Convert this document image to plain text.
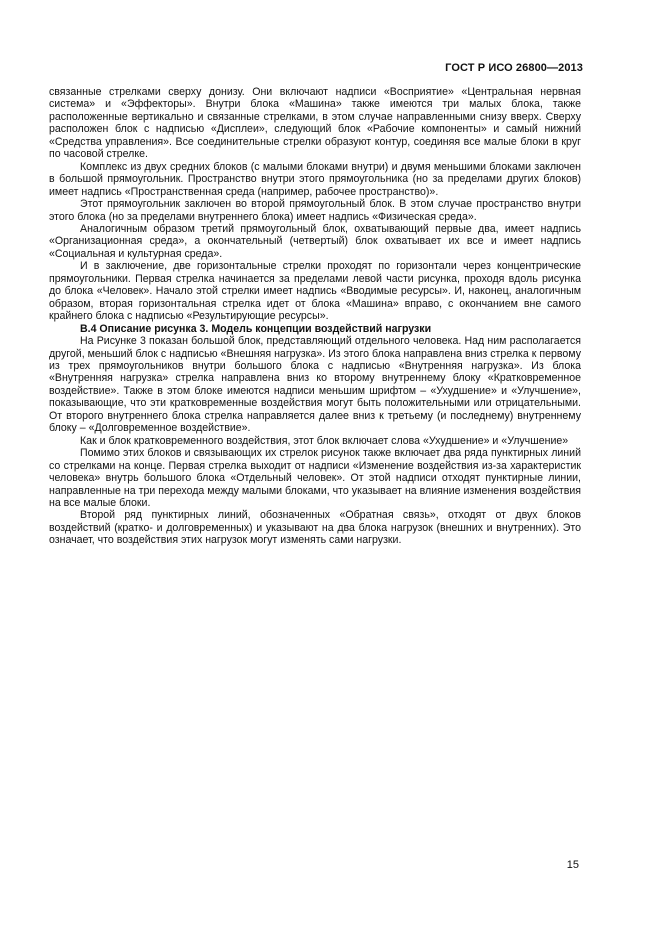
ГОСТ Р ИСО 26800—2013

связанные стрелками сверху донизу. Они включают надписи «Восприятие» «Центральная нервная система» и «Эффекторы». Внутри блока «Машина» также имеются три малых блока, также расположенные вертикально и связанные стрелками, в этом случае направленными снизу вверх. Сверху расположен блок с надписью «Дисплеи», следующий блок «Рабочие компоненты» и самый нижний «Средства управления». Все соединительные стрелки образуют контур, соединяя все малые блоки в круг по часовой стрелке.

Комплекс из двух средних блоков (с малыми блоками внутри) и двумя меньшими блоками заключен в большой прямоугольник. Пространство внутри этого прямоугольника (но за пределами других блоков) имеет надпись «Пространственная среда (например, рабочее пространство)».

Этот прямоугольник заключен во второй прямоугольный блок. В этом случае пространство внутри этого блока (но за пределами внутреннего блока) имеет надпись «Физическая среда».

Аналогичным образом третий прямоугольный блок, охватывающий первые два, имеет надпись «Организационная среда», а окончательный (четвертый) блок охватывает их все и имеет надпись «Социальная и культурная среда».

И в заключение, две горизонтальные стрелки проходят по горизонтали через концентрические прямоугольники. Первая стрелка начинается за пределами левой части рисунка, проходя вдоль рисунка до блока «Человек». Начало этой стрелки имеет надпись «Вводимые ресурсы». И, наконец, аналогичным образом, вторая горизонтальная стрелка идет от блока «Машина» вправо, с окончанием вне самого крайнего блока с надписью «Результирующие ресурсы».

B.4 Описание рисунка 3. Модель концепции воздействий нагрузки

На Рисунке 3 показан большой блок, представляющий отдельного человека. Над ним располагается другой, меньший блок с надписью «Внешняя нагрузка». Из этого блока направлена вниз стрелка к первому из трех прямоугольников внутри большого блока с надписью «Внутренняя нагрузка». Из блока «Внутренняя нагрузка» стрелка направлена вниз ко второму внутреннему блоку «Кратковременное воздействие». Также в этом блоке имеются надписи меньшим шрифтом – «Ухудшение» и «Улучшение», показывающие, что эти кратковременные воздействия могут быть положительными или отрицательными. От второго внутреннего блока стрелка направляется далее вниз к третьему (и последнему) внутреннему блоку – «Долговременное воздействие».

Как и блок кратковременного воздействия, этот блок включает слова «Ухудшение» и «Улучшение»

Помимо этих блоков и связывающих их стрелок рисунок также включает два ряда пунктирных линий со стрелками на конце. Первая стрелка выходит от надписи «Изменение воздействия из-за характеристик человека» внутрь большого блока «Отдельный человек». От этой надписи отходят пунктирные линии, направленные на три перехода между малыми блоками, что указывает на влияние изменения воздействия на все малые блоки.

Второй ряд пунктирных линий, обозначенных «Обратная связь», отходят от двух блоков воздействий (кратко- и долговременных) и указывают на два блока нагрузок (внешних и внутренних). Это означает, что воздействия этих нагрузок могут изменять сами нагрузки.

15
